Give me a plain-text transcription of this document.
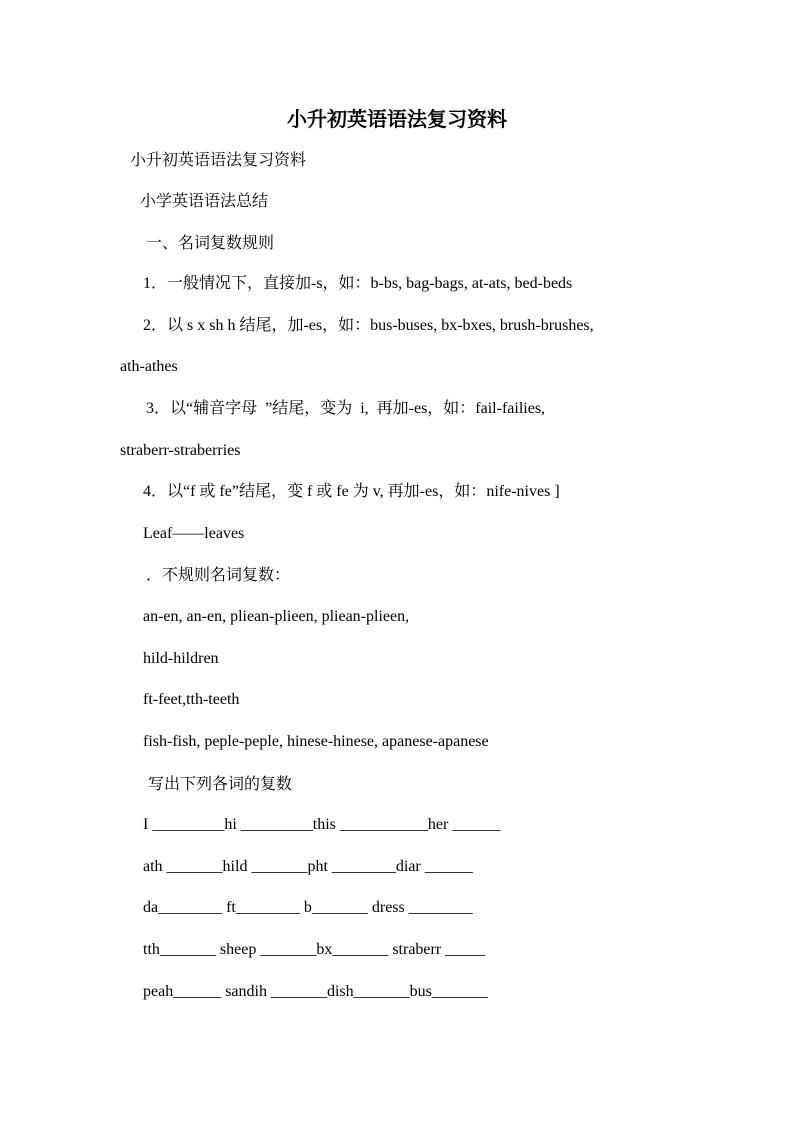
小升初英语语法复习资料
小升初英语语法复习资料
小学英语语法总结
一、名词复数规则
1．一般情况下，直接加-s，如：b-bs, bag-bags, at-ats, bed-beds
2．以 s x sh h 结尾，加-es，如：bus-buses, bx-bxes, brush-brushes,
ath-athes
3．以“辅音字母 ”结尾，变为 i, 再加-es，如：fail-failies,
straberr-straberries
4．以“f 或 fe”结尾，变 f 或 fe 为 v, 再加-es，如：nife-nives ]
Leaf——leaves
．不规则名词复数：
an-en, an-en, pliean-plieen, pliean-plieen,
hild-hildren
ft-feet,tth-teeth
fish-fish, peple-peple, hinese-hinese, apanese-apanese
写出下列各词的复数
I _________hi _________this ___________her ______
ath _______hild _______pht ________diar ______
da________ ft________ b_______ dress ________
tth_______ sheep _______bx_______ straberr _____
peah______ sandih _______dish_______bus_______
